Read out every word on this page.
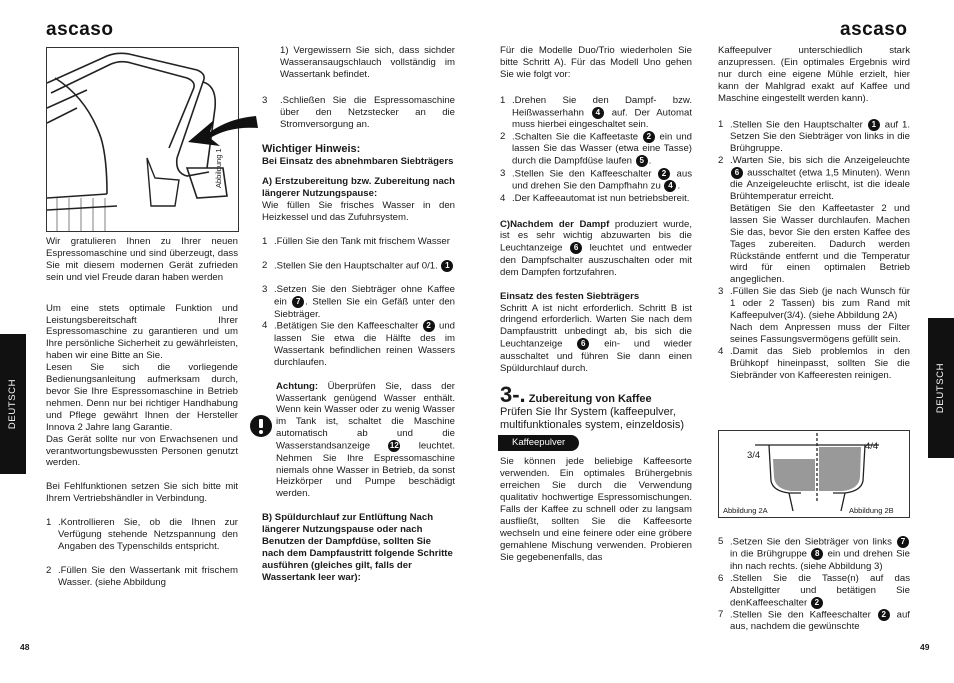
ascaso	ascaso
Abbildung 1

Wir gratulieren Ihnen zu Ihrer neuen Espressomaschine und sind überzeugt, dass Sie mit diesem modernen Gerät zufrieden sein und viel Freude daran haben werden

Um eine stets optimale Funktion und Leistungsbereitschaft Ihrer Espressomaschine zu garantieren und um Ihre persönliche Sicherheit zu gewährleisten, haben wir eine Bitte an Sie.

Lesen Sie sich die vorliegende Bedienungsanleitung aufmerksam durch, bevor Sie Ihre Espressomaschine in Betrieb nehmen. Denn nur bei richtiger Handhabung und Pflege gewährt Ihnen der Hersteller Innova 2 Jahre lang Garantie.

Das Gerät sollte nur von Erwachsenen und verantwortungsbewussten Personen genutzt werden.

Bei Fehlfunktionen setzen Sie sich bitte mit Ihrem Vertriebshändler in Verbindung.

1 .Kontrollieren Sie, ob die Ihnen zur Verfügung stehende Netzspannung den Angaben des Typenschilds entspricht.
2 .Füllen Sie den Wassertank mit frischem Wasser. (siehe Abbildung

1) Vergewissern Sie sich, dass sichder Wasseransaugschlauch vollständig im Wassertank befindet.

3 .Schließen Sie die Espressomaschine über den Netzstecker an die Stromversorgung an.

Wichtiger Hinweis:

Bei Einsatz des abnehmbaren Siebträgers

A) Erstzubereitung bzw. Zubereitung nach längerer Nutzungspause:

Wie füllen Sie frisches Wasser in den Heizkessel und das Zufuhrsystem.

1 .Füllen Sie den Tank mit frischem Wasser
2 .Stellen Sie den Hauptschalter auf 0/1. 1
3 .Setzen Sie den Siebträger ohne Kaffee ein 7 . Stellen Sie ein Gefäß unter den Siebträger.
4 .Betätigen Sie den Kaffeeschalter 2 und lassen Sie etwa die Hälfte des im Wassertank befindlichen reinen Wassers durchlaufen.
Achtung: Überprüfen Sie, dass der Wassertank genügend Wasser enthält. Wenn kein Wasser oder zu wenig Wasser im Tank ist, schaltet die Maschine automatisch ab und die Wasserstandsanzeige 12 leuchtet. Nehmen Sie Ihre Espressomaschine niemals ohne Wasser in Betrieb, da sonst Heizkörper und Pumpe beschädigt werden.

B) Spüldurchlauf zur Entlüftung Nach längerer Nutzungspause oder nach Benutzen der Dampfdüse, sollten Sie nach dem Dampfaustritt folgende Schritte ausführen (gleiches gilt, falls der Wassertank leer war):

Für die Modelle Duo/Trio wiederholen Sie bitte Schritt A). Für das Modell Uno gehen Sie wie folgt vor:

1 .Drehen Sie den Dampf- bzw. Heißwasserhahn 4 auf. Der Automat muss hierbei eingeschaltet sein.
2 .Schalten Sie die Kaffeetaste 2 ein und lassen Sie das Wasser (etwa eine Tasse) durch die Dampfdüse laufen 5 .
3 .Stellen Sie den Kaffeeschalter 2 aus und drehen Sie den Dampfhahn zu 4 .
4 .Der Kaffeeautomat ist nun betriebsbereit.

C)Nachdem der Dampf produziert wurde, ist es sehr wichtig abzuwarten bis die Leuchtanzeige 6 leuchtet und entweder den Dampfschalter auszuschalten oder mit dem Dampfen fortzufahren.

Einsatz des festen Siebträgers

Schritt A ist nicht erforderlich. Schritt B ist dringend erforderlich. Warten Sie nach dem Dampfaustritt unbedingt ab, bis sich die Leuchtanzeige 6 ein- und wieder ausschaltet und führen Sie dann einen Spüldurchlauf durch.

3-. Zubereitung von Kaffee

Prüfen Sie Ihr System (kaffeepulver, multifunktionales system, einzeldosis)

Kaffeepulver

Sie können jede beliebige Kaffeesorte verwenden. Ein optimales Brühergebnis erreichen Sie durch die Verwendung qualitativ hochwertige Espressomischungen. Falls der Kaffee zu schnell oder zu langsam ausfließt, sollten Sie die Kaffeesorte wechseln und eine feinere oder eine gröbere gemahlene Mischung verwenden. Probieren Sie gegebenenfalls, das

Kaffeepulver unterschiedlich stark anzupressen. (Ein optimales Ergebnis wird nur durch eine eigene Mühle erzielt, hier kann der Mahlgrad exakt auf Kaffee und Maschine eingestellt werden kann).

1 .Stellen Sie den Hauptschalter 1 auf 1. Setzen Sie den Siebträger von links in die Brühgruppe.
2 .Warten Sie, bis sich die Anzeigeleuchte 6 ausschaltet (etwa 1,5 Minuten). Wenn die Anzeigeleuchte erlischt, ist die ideale Brühtemperatur erreicht.
Betätigen Sie den Kaffeetaster 2 und lassen Sie Wasser durchlaufen. Machen Sie das, bevor Sie den ersten Kaffee des Tages zubereiten. Dadurch werden Rückstände entfernt und die Temperatur wird für einen optimalen Betrieb angeglichen.
3 .Füllen Sie das Sieb (je nach Wunsch für 1 oder 2 Tassen) bis zum Rand mit Kaffeepulver(3/4). (siehe Abbildung 2A)
Nach dem Anpressen muss der Filter seines Fassungsvermögens gefüllt sein.
4 .Damit das Sieb problemlos in den Brühkopf hineinpasst, sollten Sie die Siebränder von Kaffeeresten reinigen.
3/4
4/4
Abbildung 2A	Abbildung 2B
5 .Setzen Sie den Siebträger von links 7 in die Brühgruppe 8 ein und drehen Sie ihn nach rechts. (siehe Abbildung 3)
6 .Stellen Sie die Tasse(n) auf das Abstellgitter und betätigen Sie denKaffeeschalter 2
7 .Stellen Sie den Kaffeeschalter 2 auf aus, nachdem die gewünschte
DEUTSCH	DEUTSCH
48	49
